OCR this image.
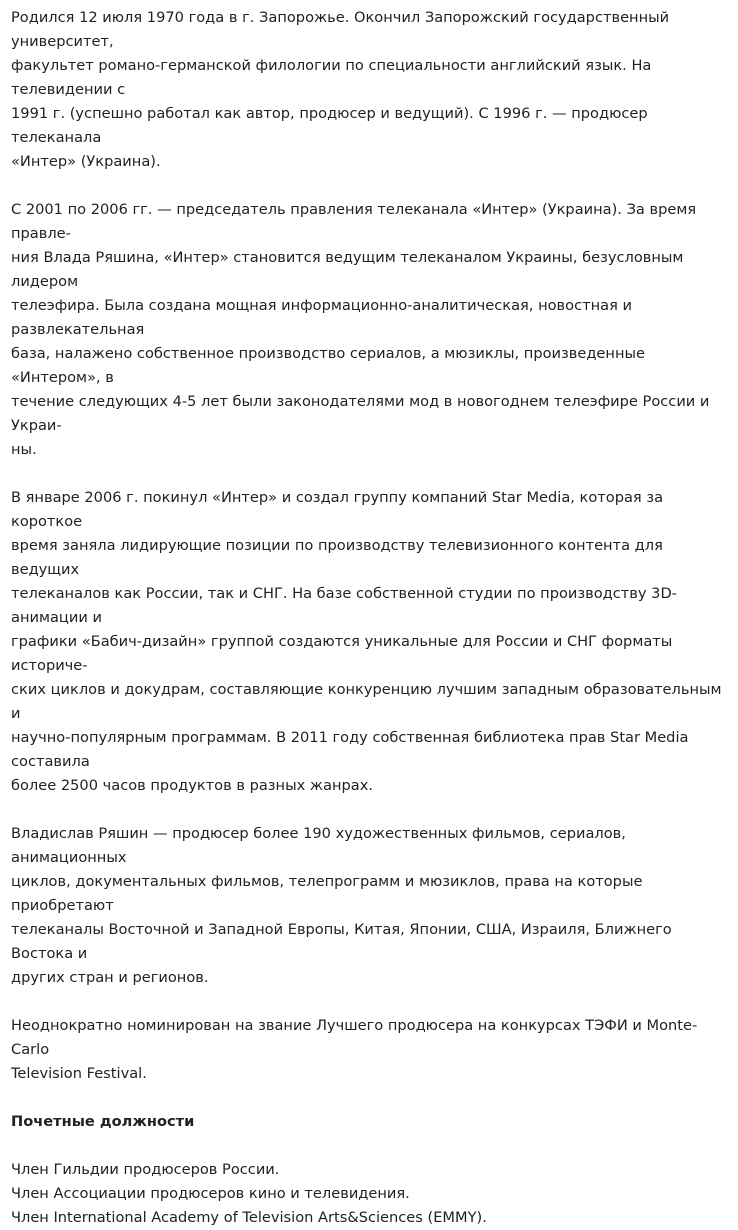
Родился 12 июля 1970 года в г. Запорожье. Окончил Запорожский государственный университет,
факультет романо-германской филологии по специальности английский язык. На телевидении с
1991 г. (успешно работал как автор, продюсер и ведущий). С 1996 г. — продюсер телеканала
«Интер» (Украина).

С 2001 по 2006 гг. — председатель правления телеканала «Интер» (Украина). За время правле-
ния Влада Ряшина, «Интер» становится ведущим телеканалом Украины, безусловным лидером
телеэфира. Была создана мощная информационно-аналитическая, новостная и развлекательная
база, налажено собственное производство сериалов, а мюзиклы, произведенные «Интером», в
течение следующих 4-5 лет были законодателями мод в новогоднем телеэфире России и Украи-
ны.

В январе 2006 г. покинул «Интер» и создал группу компаний Star Media, которая за короткое
время заняла лидирующие позиции по производству телевизионного контента для ведущих
телеканалов как России, так и СНГ. На базе собственной студии по производству 3D-анимации и
графики «Бабич-дизайн» группой создаются уникальные для России и СНГ форматы историче-
ских циклов и докудрам, составляющие конкуренцию лучшим западным образовательным и
научно-популярным программам. В 2011 году собственная библиотека прав Star Media составила
более 2500 часов продуктов в разных жанрах.

Владислав Ряшин — продюсер более 190 художественных фильмов, сериалов, анимационных
циклов, документальных фильмов, телепрограмм и мюзиклов, права на которые приобретают
телеканалы Восточной и Западной Европы, Китая, Японии, США, Израиля, Ближнего Востока и
других стран и регионов.

Неоднократно номинирован на звание Лучшего продюсера на конкурсах ТЭФИ и Monte-Carlo
Television Festival.

Почетные должности

Член Гильдии продюсеров России.

Член Ассоциации продюсеров кино и телевидения.

Член International Academy of Television Arts&Sciences (EMMY).
